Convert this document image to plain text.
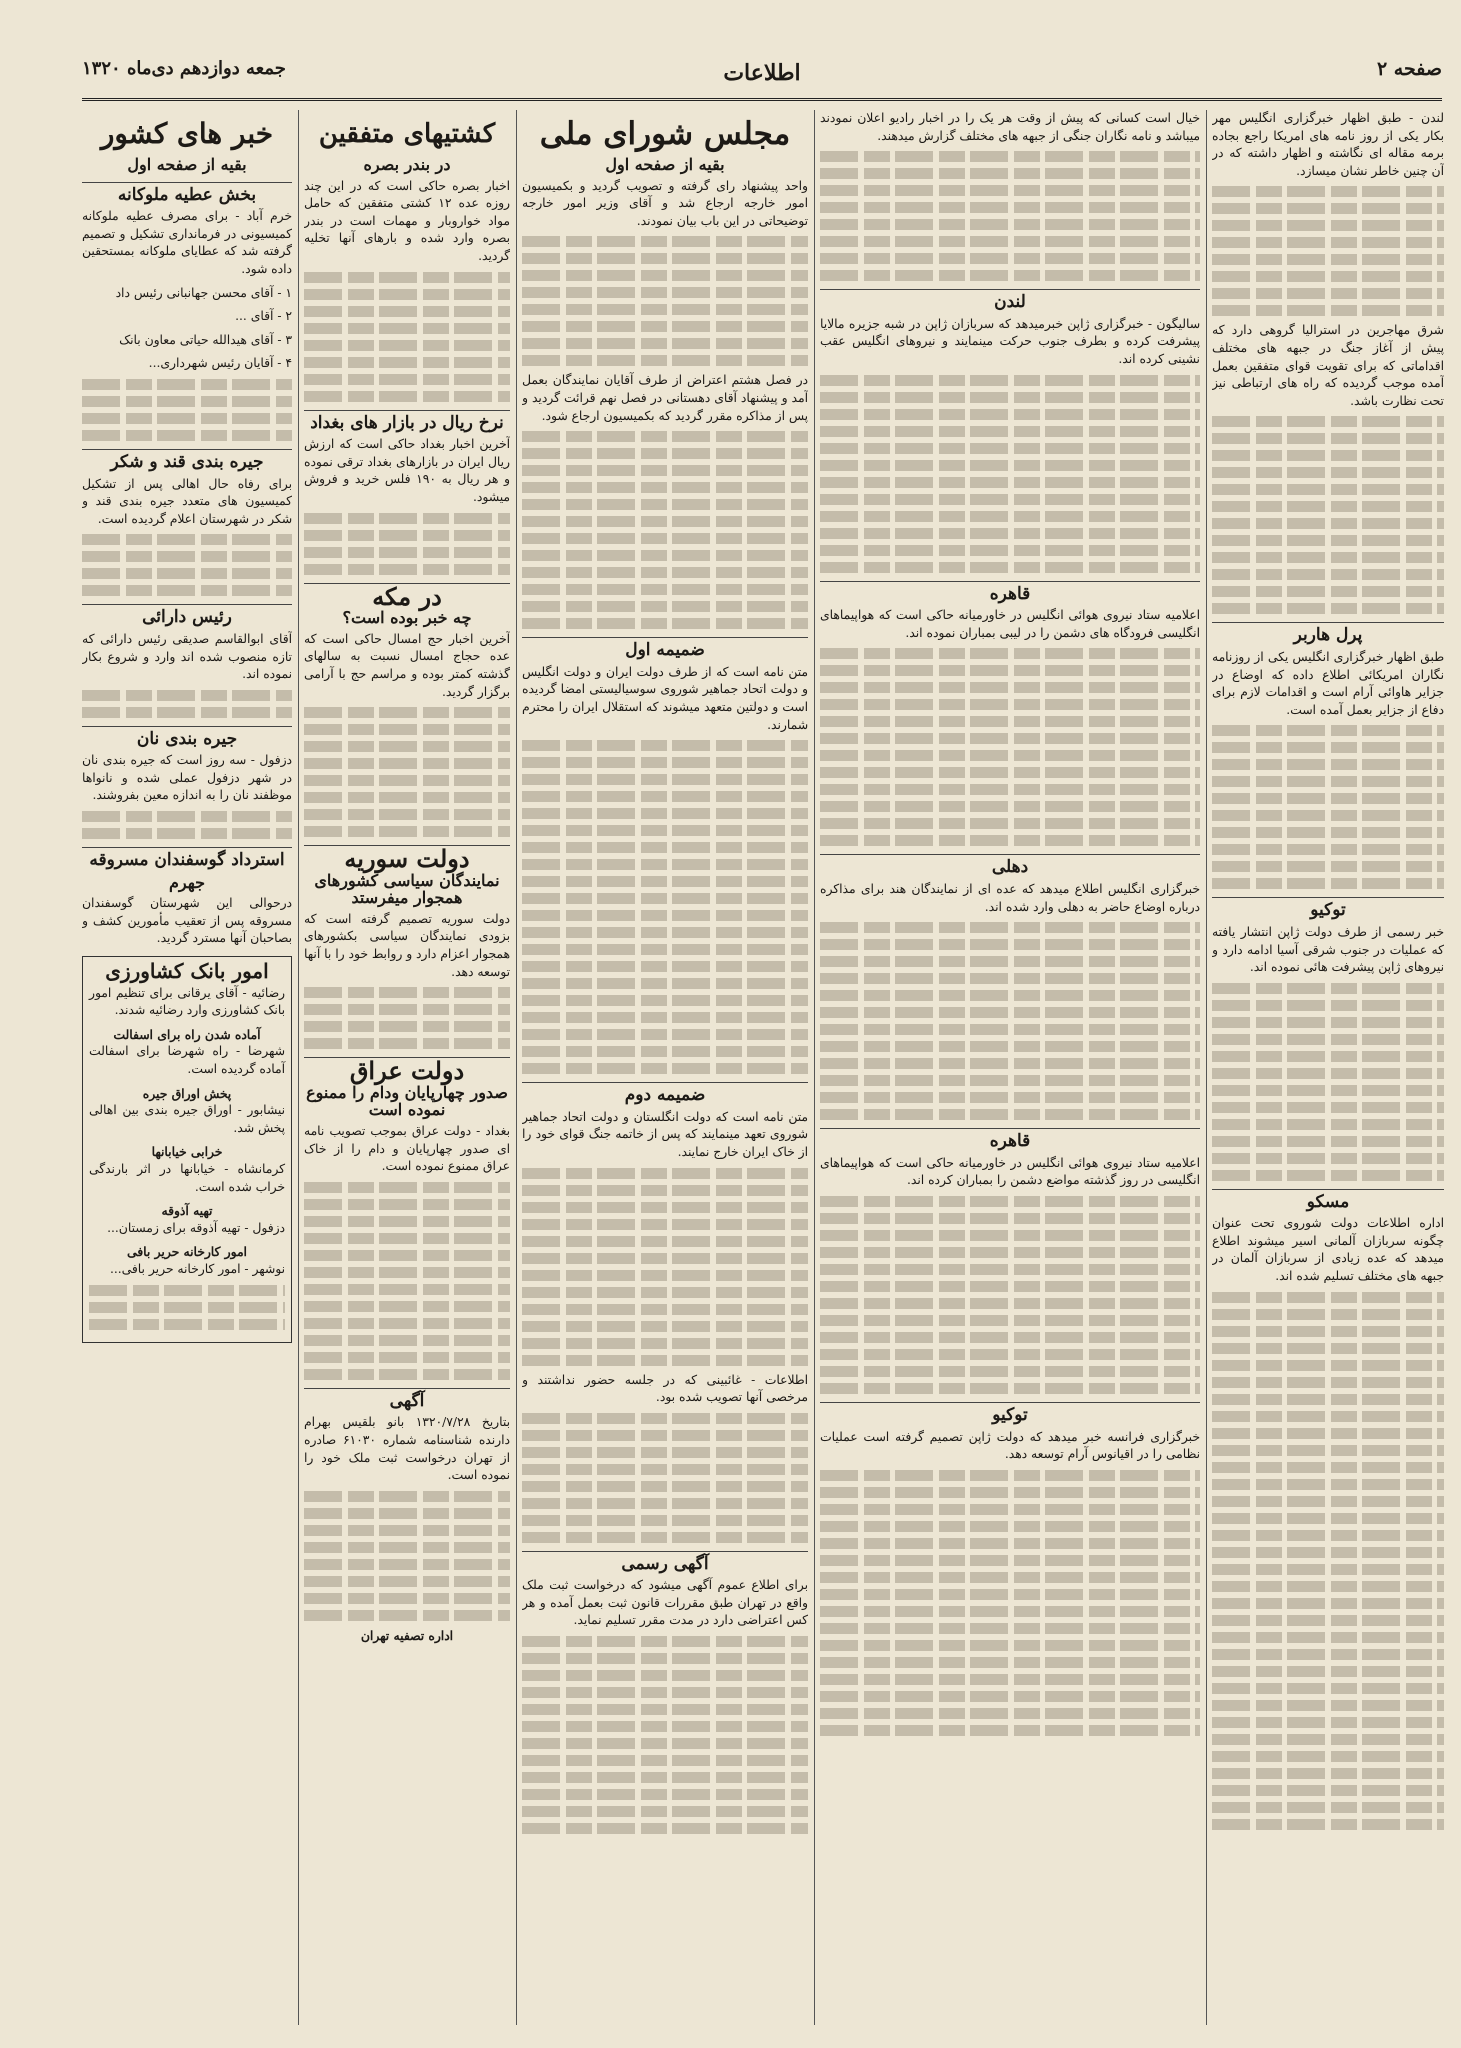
صفحه ۲
اطلاعات
جمعه دوازدهم دی‌ماه ۱۳۲۰

لندن - طبق اظهار خبرگزاری انگلیس مهر بکار یکی از روز نامه های امریکا راجع بجاده برمه مقاله ای نگاشته و اظهار داشته که در آن چنین خاطر نشان میسازد.

شرق مهاجرین در استرالیا گروهی دارد که پیش از آغاز جنگ در جبهه های مختلف اقداماتی که برای تقویت قوای متفقین بعمل آمده موجب گردیده که راه های ارتباطی نیز تحت نظارت باشد.

پرل هاربر

طبق اظهار خبرگزاری انگلیس یکی از روزنامه نگاران امریکائی اطلاع داده که اوضاع در جزایر هاوائی آرام است و اقدامات لازم برای دفاع از جزایر بعمل آمده است.

توکیو

خبر رسمی از طرف دولت ژاپن انتشار یافته که عملیات در جنوب شرقی آسیا ادامه دارد و نیروهای ژاپن پیشرفت هائی نموده اند.

مسکو

اداره اطلاعات دولت شوروی تحت عنوان چگونه سربازان آلمانی اسیر میشوند اطلاع میدهد که عده زیادی از سربازان آلمان در جبهه های مختلف تسلیم شده اند.

خیال است کسانی که پیش از وقت هر یک را در اخبار رادیو اعلان نمودند میباشد و نامه نگاران جنگی از جبهه های مختلف گزارش میدهند.

لندن

سالیگون - خبرگزاری ژاپن خبرمیدهد که سربازان ژاپن در شبه جزیره مالایا پیشرفت کرده و بطرف جنوب حرکت مینمایند و نیروهای انگلیس عقب نشینی کرده اند.

قاهره

اعلامیه ستاد نیروی هوائی انگلیس در خاورمیانه حاکی است که هواپیماهای انگلیسی فرودگاه های دشمن را در لیبی بمباران نموده اند.

دهلی

خبرگزاری انگلیس اطلاع میدهد که عده ای از نمایندگان هند برای مذاکره درباره اوضاع حاضر به دهلی وارد شده اند.

قاهره

اعلامیه ستاد نیروی هوائی انگلیس در خاورمیانه حاکی است که هواپیماهای انگلیسی در روز گذشته مواضع دشمن را بمباران کرده اند.

توکیو

خبرگزاری فرانسه خبر میدهد که دولت ژاپن تصمیم گرفته است عملیات نظامی را در اقیانوس آرام توسعه دهد.

مجلس شورای ملی
بقیه از صفحه اول

واحد پیشنهاد رای گرفته و تصویب گردید و بکمیسیون امور خارجه ارجاع شد و آقای وزیر امور خارجه توضیحاتی در این باب بیان نمودند.

در فصل هشتم اعتراض از طرف آقایان نمایندگان بعمل آمد و پیشنهاد آقای دهستانی در فصل نهم قرائت گردید و پس از مذاکره مقرر گردید که بکمیسیون ارجاع شود.

ضمیمه اول

متن نامه است که از طرف دولت ایران و دولت انگلیس و دولت اتحاد جماهیر شوروی سوسیالیستی امضا گردیده است و دولتین متعهد میشوند که استقلال ایران را محترم شمارند.

ضمیمه دوم

متن نامه است که دولت انگلستان و دولت اتحاد جماهیر شوروی تعهد مینمایند که پس از خاتمه جنگ قوای خود را از خاک ایران خارج نمایند.

اطلاعات - غائبینی که در جلسه حضور نداشتند و مرخصی آنها تصویب شده بود.

آگهی رسمی

برای اطلاع عموم آگهی میشود که درخواست ثبت ملک واقع در تهران طبق مقررات قانون ثبت بعمل آمده و هر کس اعتراضی دارد در مدت مقرر تسلیم نماید.

کشتیهای متفقین
در بندر بصره

اخبار بصره حاکی است که در این چند روزه عده ۱۲ کشتی متفقین که حامل مواد خواروبار و مهمات است در بندر بصره وارد شده و بارهای آنها تخلیه گردید.

نرخ ریال در بازار های بغداد

آخرین اخبار بغداد حاکی است که ارزش ریال ایران در بازارهای بغداد ترقی نموده و هر ریال به ۱۹۰ فلس خرید و فروش میشود.

در مکه
چه خبر بوده است؟

آخرین اخبار حج امسال حاکی است که عده حجاج امسال نسبت به سالهای گذشته کمتر بوده و مراسم حج با آرامی برگزار گردید.

دولت سوریه
نمایندگان سیاسی کشورهای همجوار میفرستد

دولت سوریه تصمیم گرفته است که بزودی نمایندگان سیاسی بکشورهای همجوار اعزام دارد و روابط خود را با آنها توسعه دهد.

دولت عراق
صدور چهارپایان ودام را ممنوع نموده است

بغداد - دولت عراق بموجب تصویب نامه ای صدور چهارپایان و دام را از خاک عراق ممنوع نموده است.

آگهی

بتاریخ ۱۳۲۰/۷/۲۸ بانو بلقیس بهرام دارنده شناسنامه شماره ۶۱۰۳۰ صادره از تهران درخواست ثبت ملک خود را نموده است.

اداره تصفیه تهران

خبر های کشور
بقیه از صفحه اول
بخش عطیه ملوکانه

خرم آباد - برای مصرف عطیه ملوکانه کمیسیونی در فرمانداری تشکیل و تصمیم گرفته شد که عطایای ملوکانه بمستحقین داده شود.

۱ - آقای محسن جهانبانی رئیس داد

۲ - آقای ...

۳ - آقای هیدالله حیاتی معاون بانک

۴ - آقایان رئیس شهرداری...

جیره بندی قند و شکر

برای رفاه حال اهالی پس از تشکیل کمیسیون های متعدد جیره بندی قند و شکر در شهرستان اعلام گردیده است.

رئیس دارائی

آقای ابوالقاسم صدیقی رئیس دارائی که تازه منصوب شده اند وارد و شروع بکار نموده اند.

جیره بندی نان

دزفول - سه روز است که جیره بندی نان در شهر دزفول عملی شده و نانواها موظفند نان را به اندازه معین بفروشند.

استرداد گوسفندان مسروقه
جهرم

درحوالی این شهرستان گوسفندان مسروقه پس از تعقیب مأمورین کشف و بصاحبان آنها مسترد گردید.

امور بانک کشاورزی

رضائیه - آقای یرقانی برای تنظیم امور بانک کشاورزی وارد رضائیه شدند.

آماده شدن راه برای اسفالت

شهرضا - راه شهرضا برای اسفالت آماده گردیده است.

پخش اوراق جیره

نیشابور - اوراق جیره بندی بین اهالی پخش شد.

خرابی خیابانها

کرمانشاه - خیابانها در اثر بارندگی خراب شده است.

تهیه آذوقه

دزفول - تهیه آذوقه برای زمستان...

امور کارخانه حریر بافی

نوشهر - امور کارخانه حریر بافی...
